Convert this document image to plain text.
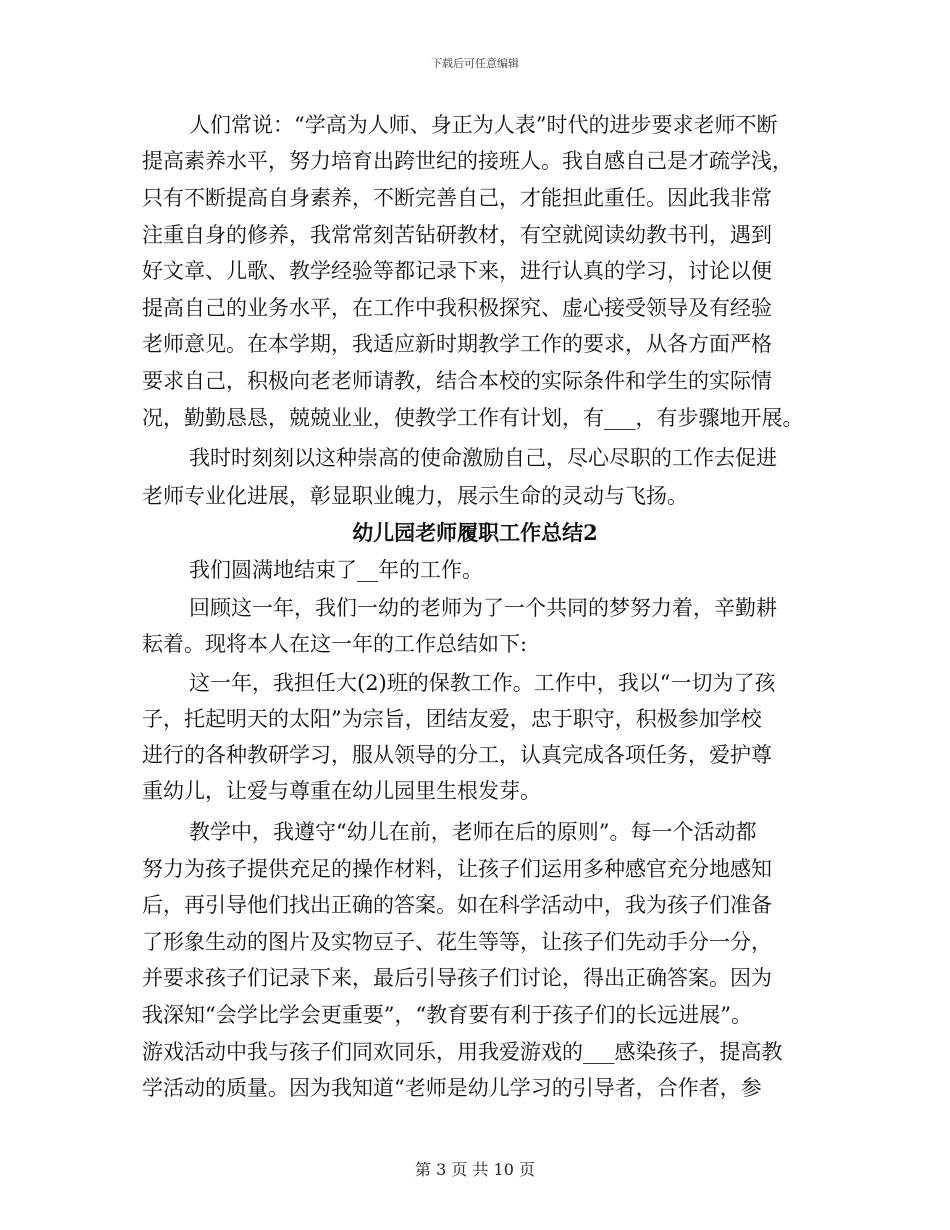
下载后可任意编辑
人们常说：“学高为人师、身正为人表”时代的进步要求老师不断
提高素养水平，努力培育出跨世纪的接班人。我自感自己是才疏学浅，
只有不断提高自身素养，不断完善自己，才能担此重任。因此我非常
注重自身的修养，我常常刻苦钻研教材，有空就阅读幼教书刊，遇到
好文章、儿歌、教学经验等都记录下来，进行认真的学习，讨论以便
提高自己的业务水平，在工作中我积极探究、虚心接受领导及有经验
老师意见。在本学期，我适应新时期教学工作的要求，从各方面严格
要求自己，积极向老老师请教，结合本校的实际条件和学生的实际情
况，勤勤恳恳，兢兢业业，使教学工作有计划，有___，有步骤地开展。
我时时刻刻以这种崇高的使命激励自己，尽心尽职的工作去促进
老师专业化进展，彰显职业魄力，展示生命的灵动与飞扬。
幼儿园老师履职工作总结2
我们圆满地结束了__年的工作。
回顾这一年，我们一幼的老师为了一个共同的梦努力着，辛勤耕
耘着。现将本人在这一年的工作总结如下:
这一年，我担任大(2)班的保教工作。工作中，我以“一切为了孩
子，托起明天的太阳”为宗旨，团结友爱，忠于职守，积极参加学校
进行的各种教研学习，服从领导的分工，认真完成各项任务，爱护尊
重幼儿，让爱与尊重在幼儿园里生根发芽。
教学中，我遵守“幼儿在前，老师在后的原则”。每一个活动都
努力为孩子提供充足的操作材料，让孩子们运用多种感官充分地感知
后，再引导他们找出正确的答案。如在科学活动中，我为孩子们准备
了形象生动的图片及实物豆子、花生等等，让孩子们先动手分一分，
并要求孩子们记录下来，最后引导孩子们讨论，得出正确答案。因为
我深知“会学比学会更重要”，“教育要有利于孩子们的长远进展”。
游戏活动中我与孩子们同欢同乐，用我爱游戏的___感染孩子，提高教
学活动的质量。因为我知道“老师是幼儿学习的引导者，合作者，参
第 3 页 共 10 页
